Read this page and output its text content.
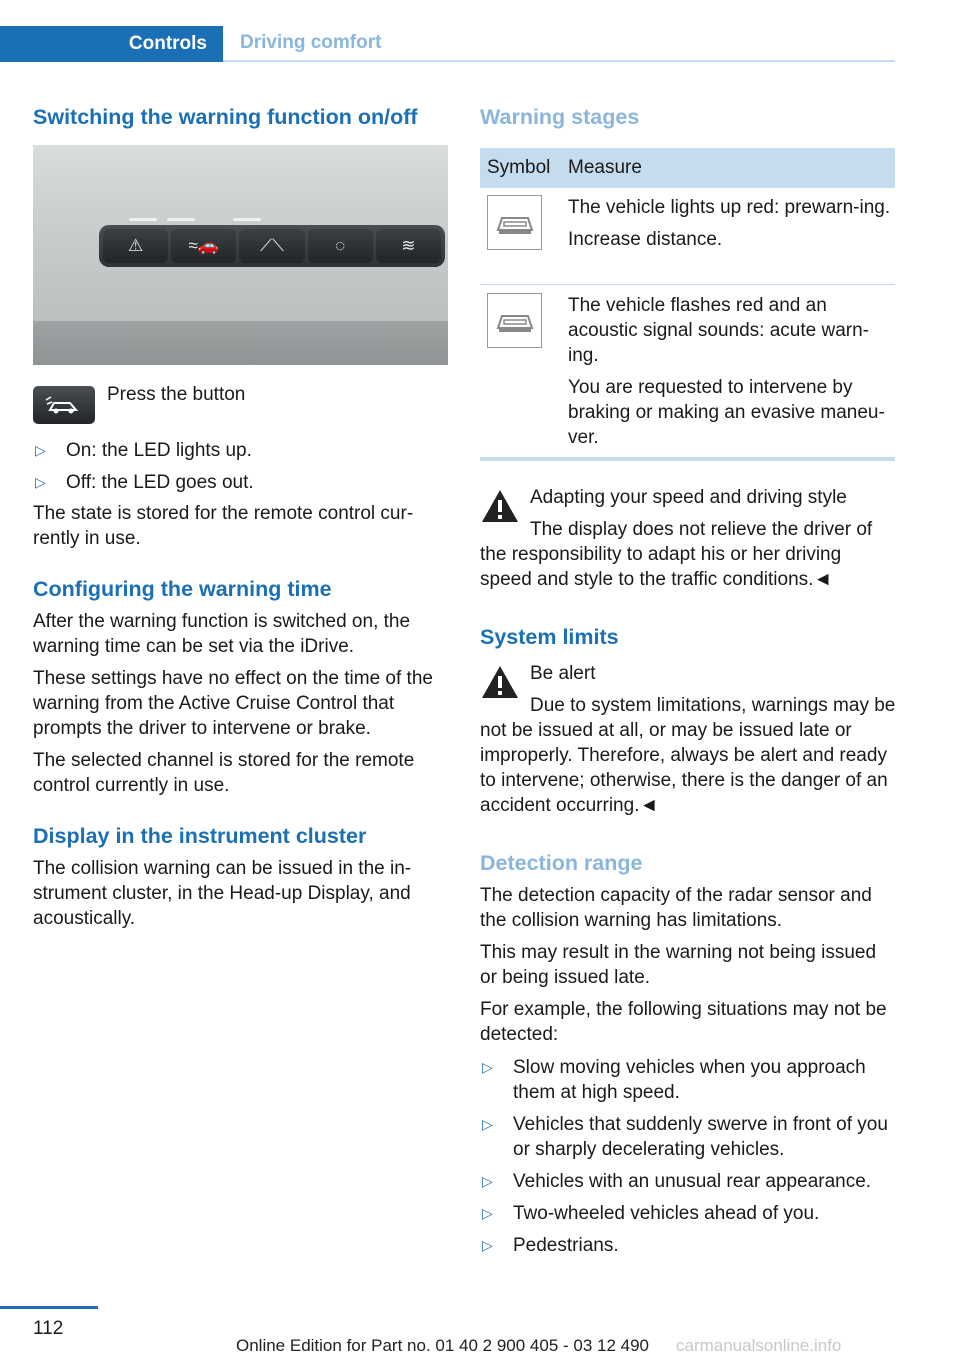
Controls	Driving comfort
Switching the warning function on/off
⚠	≈🚗	⟋⟍	◌	≋

Press the button

▷ On: the LED lights up.
▷ Off: the LED goes out.

The state is stored for the remote control cur-rently in use.

Configuring the warning time

After the warning function is switched on, the warning time can be set via the iDrive.

These settings have no effect on the time of the warning from the Active Cruise Control that prompts the driver to intervene or brake.

The selected channel is stored for the remote control currently in use.

Display in the instrument cluster

The collision warning can be issued in the in-strument cluster, in the Head-up Display, and acoustically.

Warning stages
Symbol Measure

The vehicle lights up red: prewarn-ing.

Increase distance.

The vehicle flashes red and an acoustic signal sounds: acute warn-ing.

You are requested to intervene by braking or making an evasive maneu-ver.

Adapting your speed and driving style

The display does not relieve the driver of the responsibility to adapt his or her driving speed and style to the traffic conditions.◄

System limits

Be alert

Due to system limitations, warnings may be not be issued at all, or may be issued late or improperly. Therefore, always be alert and ready to intervene; otherwise, there is the danger of an accident occurring.◄

Detection range

The detection capacity of the radar sensor and the collision warning has limitations.

This may result in the warning not being issued or being issued late.

For example, the following situations may not be detected:

▷ Slow moving vehicles when you approach them at high speed.
▷ Vehicles that suddenly swerve in front of you or sharply decelerating vehicles.
▷ Vehicles with an unusual rear appearance.
▷ Two-wheeled vehicles ahead of you.
▷ Pedestrians.
112
Online Edition for Part no. 01 40 2 900 405 - 03 12 490 carmanualsonline.info
